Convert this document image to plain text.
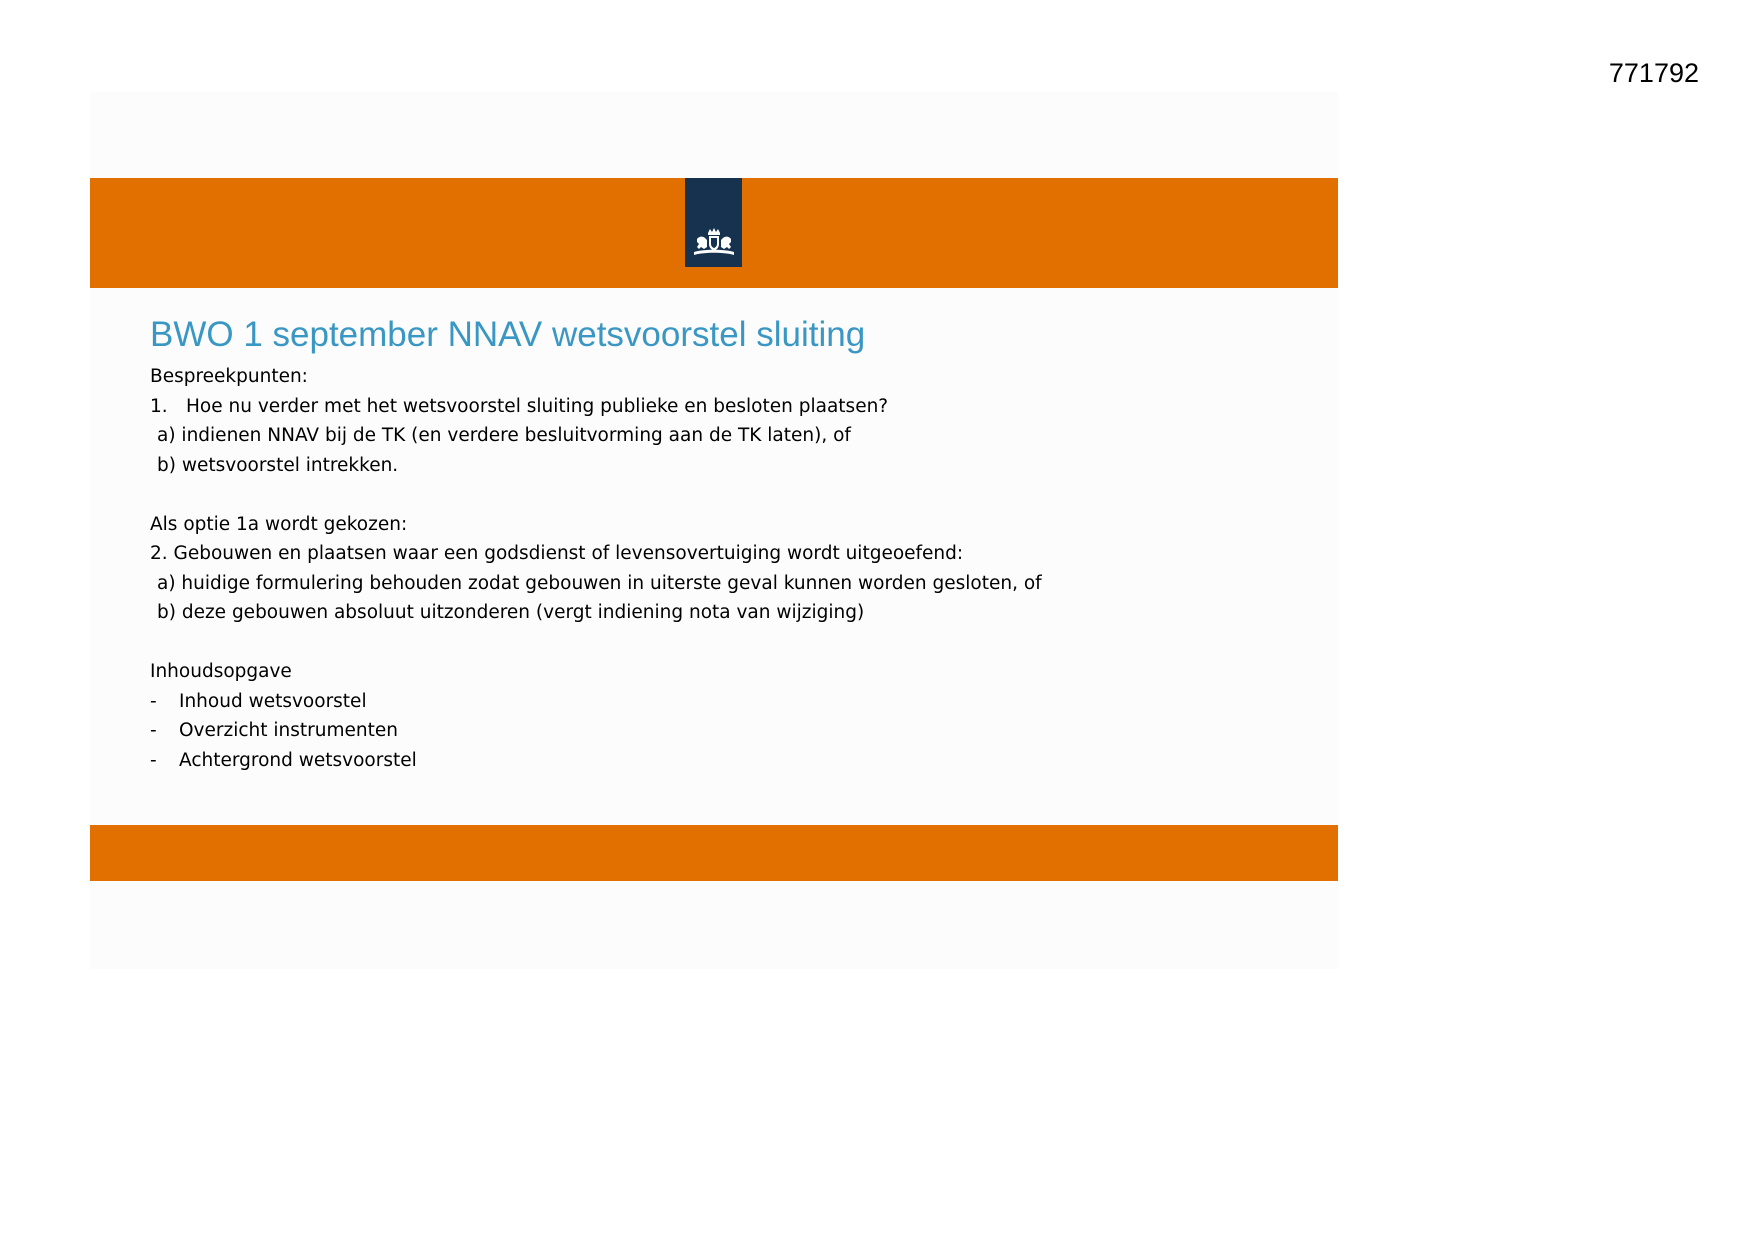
771792
BWO 1 september NNAV wetsvoorstel sluiting
Bespreekpunten:
1. Hoe nu verder met het wetsvoorstel sluiting publieke en besloten plaatsen?
a) indienen NNAV bij de TK (en verdere besluitvorming aan de TK laten), of
b) wetsvoorstel intrekken.
Als optie 1a wordt gekozen:
2. Gebouwen en plaatsen waar een godsdienst of levensovertuiging wordt uitgeoefend:
a) huidige formulering behouden zodat gebouwen in uiterste geval kunnen worden gesloten, of
b) deze gebouwen absoluut uitzonderen (vergt indiening nota van wijziging)
Inhoudsopgave
- Inhoud wetsvoorstel
- Overzicht instrumenten
- Achtergrond wetsvoorstel
